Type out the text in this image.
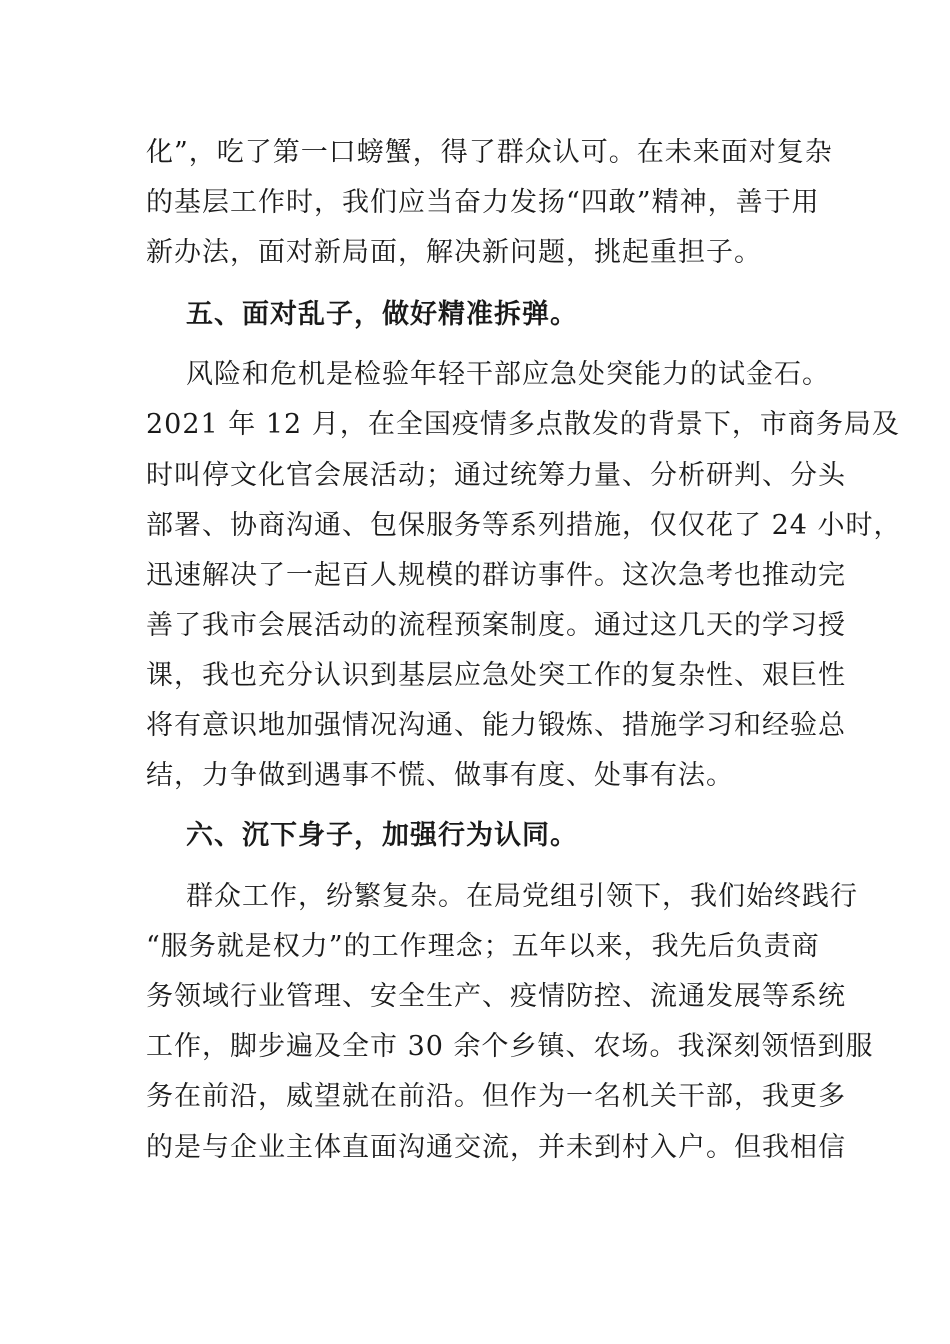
化”，吃了第一口螃蟹，得了群众认可。在未来面对复杂
的基层工作时，我们应当奋力发扬“四敢”精神，善于用
新办法，面对新局面，解决新问题，挑起重担子。
五、面对乱子，做好精准拆弹。
风险和危机是检验年轻干部应急处突能力的试金石。
2021 年 12 月，在全国疫情多点散发的背景下，市商务局及
时叫停文化官会展活动；通过统筹力量、分析研判、分头
部署、协商沟通、包保服务等系列措施，仅仅花了 24 小时，
迅速解决了一起百人规模的群访事件。这次急考也推动完
善了我市会展活动的流程预案制度。通过这几天的学习授
课，我也充分认识到基层应急处突工作的复杂性、艰巨性
将有意识地加强情况沟通、能力锻炼、措施学习和经验总
结，力争做到遇事不慌、做事有度、处事有法。
六、沉下身子，加强行为认同。
群众工作，纷繁复杂。在局党组引领下，我们始终践行
“服务就是权力”的工作理念；五年以来，我先后负责商
务领域行业管理、安全生产、疫情防控、流通发展等系统
工作，脚步遍及全市 30 余个乡镇、农场。我深刻领悟到服
务在前沿，威望就在前沿。但作为一名机关干部，我更多
的是与企业主体直面沟通交流，并未到村入户。但我相信
